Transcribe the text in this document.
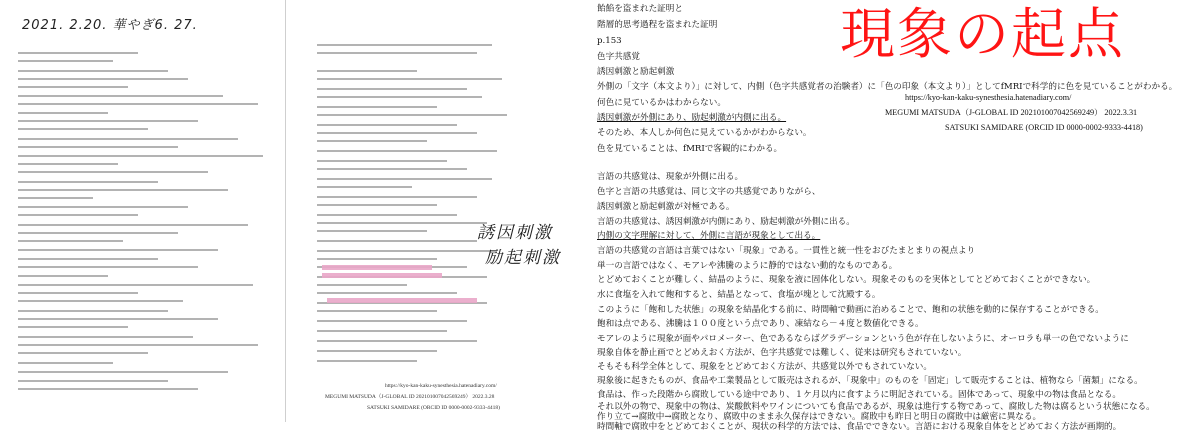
2021. 2.20. 華やぎ6. 27.
誘因刺激
励起刺激
https://kyo-kan-kaku-synesthesia.hatenadiary.com/
MEGUMI MATSUDA（J-GLOBAL ID 202101007042569249） 2022.3.28
SATSUKI SAMIDARE (ORCID ID 0000-0002-9333-4418)
現象の起点
飴餡を盗まれた証明と
階層的思考過程を盗まれた証明
p.153
色字共感覚
誘因刺激と励起刺激
外側の「文字（本文より）」に対して、内側（色字共感覚者の治験者）に「色の印象（本文より）」としてfMRIで科学的に色を見ていることがわかる。
何色に見ているかはわからない。
誘因刺激が外側にあり、励起刺激が内側に出る。
そのため、本人しか何色に見えているかがわからない。
色を見ていることは、fMRIで客観的にわかる。
言語の共感覚は、現象が外側に出る。
色字と言語の共感覚は、同じ文字の共感覚でありながら、
誘因刺激と励起刺激が対極である。
言語の共感覚は、誘因刺激が内側にあり、励起刺激が外側に出る。
内側の文字理解に対して、外側に言語が現象として出る。
言語の共感覚の言語は言葉ではない「現象」である。一貫性と統一性をおびたまとまりの視点より
単一の言語ではなく、モアレや沸騰のように静的ではない動的なものである。
とどめておくことが難しく、結晶のように、現象を液に固体化しない。現象そのものを実体としてとどめておくことができない。
水に食塩を入れて飽和すると、結晶となって、食塩が塊として沈殿する。
このように「飽和した状態」の現象を結晶化する前に、時間軸で動画に治めることで、飽和の状態を動的に保存することができる。
飽和は点である、沸騰は１００度という点であり、凍結なら－４度と数値化できる。
モアレのように現象が面やパロメーター、色であるならばグラデーションという色が存在しないように、オーロラも単一の色でないように
現象自体を静止画でとどめえおく方法が、色字共感覚では難しく、従来は研究もされていない。
そもそも科学全体として、現象をとどめておく方法が、共感覚以外でもされていない。
現象後に起きたものが、食品や工業製品として販売はされるが、「現象中」のものを「固定」して販売することは、植物なら「菌類」になる。
食品は、作った段階から腐敗している途中であり、１ケ月以内に食すように明記されている。固体であって、現象中の物は食品となる。
それ以外の物で、現象中の物は、炭酸飲料やワインについても食品であるが、現象は進行する物であって、腐敗した物は腐るという状態になる。
作り立て→腐敗中→腐敗となり、腐敗中のまま永久保存はできない。腐敗中も昨日と明日の腐敗中は厳密に異なる。
時間軸で腐敗中をとどめておくことが、現状の科学的方法では、食品でできない。言語における現象自体をとどめておく方法が画期的。
https://kyo-kan-kaku-synesthesia.hatenadiary.com/
MEGUMI MATSUDA（J-GLOBAL ID 202101007042569249） 2022.3.31
SATSUKI SAMIDARE (ORCID ID 0000-0002-9333-4418)
